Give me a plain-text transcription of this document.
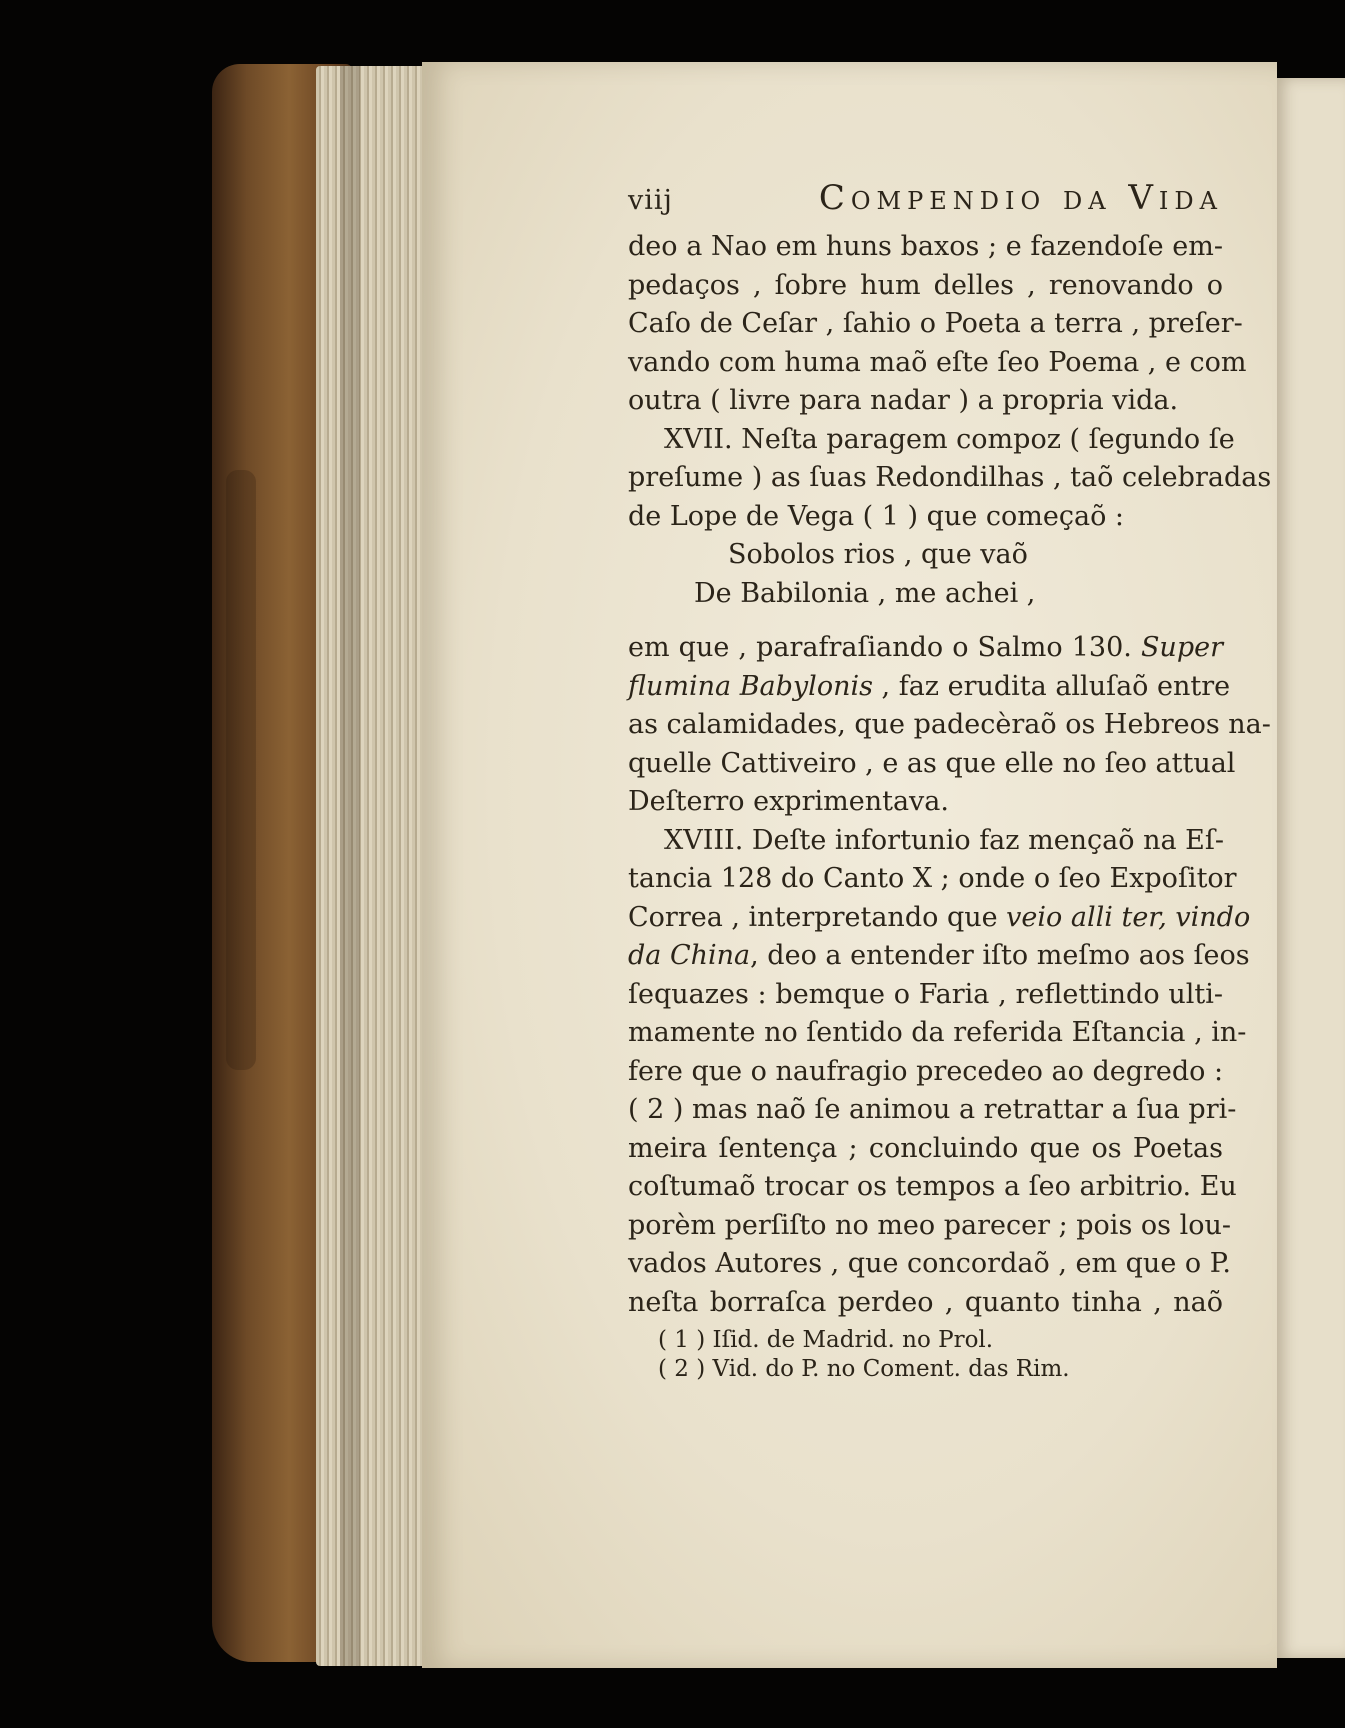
viij	Compendio da Vida
deo a Nao em huns baxos ; e fazendoſe em-
pedaços , ſobre hum delles , renovando o
Caſo de Ceſar , ſahio o Poeta a terra , preſer-
vando com huma maõ eſte ſeo Poema , e com
outra ( livre para nadar ) a propria vida.
XVII. Neſta paragem compoz ( ſegundo ſe
preſume ) as ſuas Redondilhas , taõ celebradas
de Lope de Vega ( 1 ) que começaõ :
Sobolos rios , que vaõ
De Babilonia , me achei ,
em que , parafraſiando o Salmo 130. Super
flumina Babylonis , faz erudita alluſaõ entre
as calamidades, que padecèraõ os Hebreos na-
quelle Cattiveiro , e as que elle no ſeo attual
Deſterro exprimentava.
XVIII. Deſte infortunio faz mençaõ na Eſ-
tancia 128 do Canto X ; onde o ſeo Expoſitor
Correa , interpretando que veio alli ter, vindo
da China, deo a entender iſto meſmo aos ſeos
ſequazes : bemque o Faria , reflettindo ulti-
mamente no ſentido da referida Eſtancia , in-
fere que o naufragio precedeo ao degredo :
( 2 ) mas naõ ſe animou a retrattar a ſua pri-
meira ſentença ; concluindo que os Poetas
coſtumaõ trocar os tempos a ſeo arbitrio. Eu
porèm perſiſto no meo parecer ; pois os lou-
vados Autores , que concordaõ , em que o P.
neſta borraſca perdeo , quanto tinha , naõ
( 1 ) Iſid. de Madrid. no Prol.
( 2 ) Vid. do P. no Coment. das Rim.
